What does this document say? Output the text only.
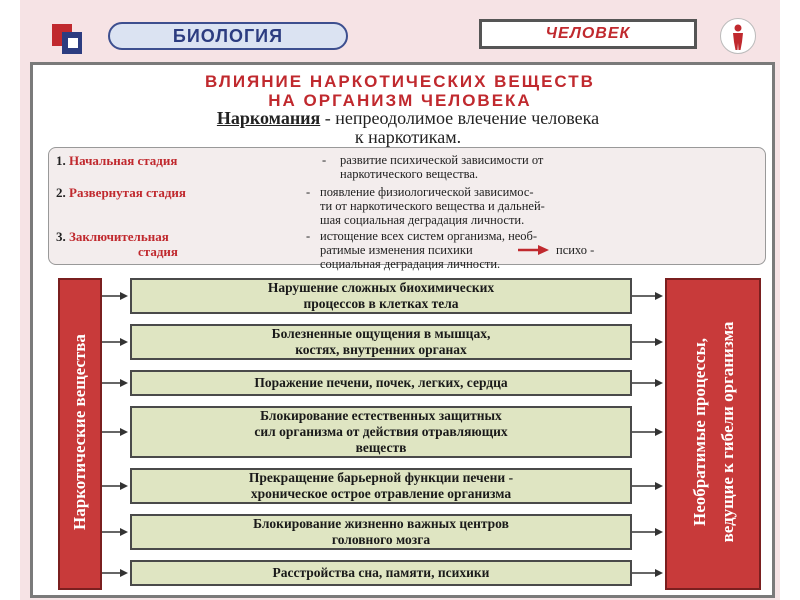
БИОЛОГИЯ	ЧЕЛОВЕК
ВЛИЯНИЕ НАРКОТИЧЕСКИХ ВЕЩЕСТВ
НА ОРГАНИЗМ ЧЕЛОВЕКА
Наркомания - непреодолимое влечение человека
к наркотикам.
1. Начальная стадия	- развитие психической зависимости от
наркотического вещества.
2. Развернутая стадия	- появление физиологической зависимос-
ти от наркотического вещества и дальней-
шая социальная деградация личности.
3. Заключительная
стадия
- истощение всех систем организма, необ-
ратимые изменения психики	психо -
социальная деградация личности.
Наркотические вещества	Необратимые процессы, ведущие к гибели организма
Нарушение сложных биохимических
процессов в клетках тела
Болезненные ощущения в мышцах,
костях, внутренних органах
Поражение печени, почек, легких, сердца
Блокирование естественных защитных
сил организма от действия отравляющих
веществ
Прекращение барьерной функции печени -
хроническое острое отравление организма
Блокирование жизненно важных центров
головного мозга
Расстройства сна, памяти, психики
